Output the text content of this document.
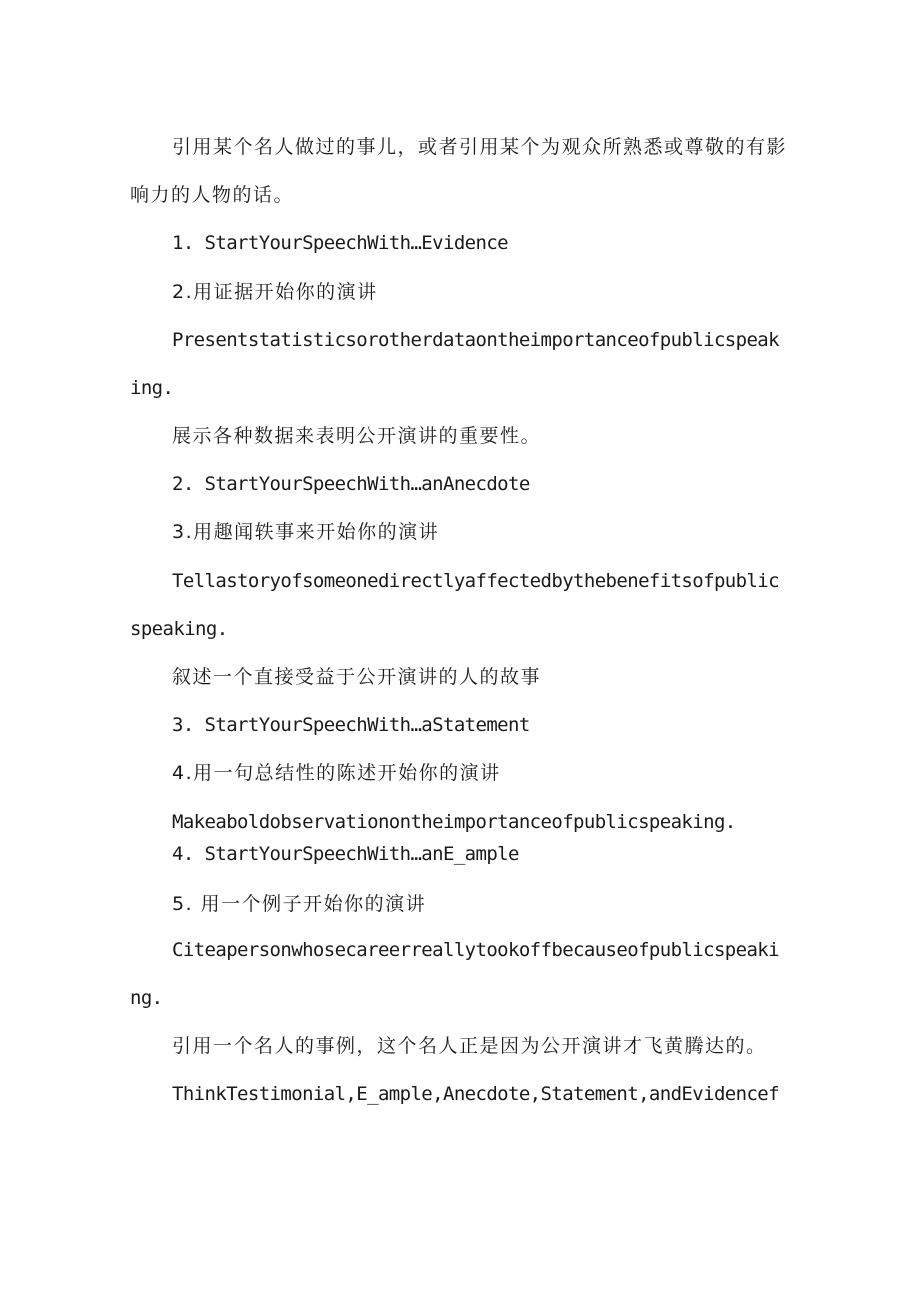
引用某个名人做过的事儿，或者引用某个为观众所熟悉或尊敬的有影
响力的人物的话。
1. StartYourSpeechWith…Evidence
2.用证据开始你的演讲
Presentstatisticsorotherdataontheimportanceofpublicspeak
ing.
展示各种数据来表明公开演讲的重要性。
2. StartYourSpeechWith…anAnecdote
3.用趣闻轶事来开始你的演讲
Tellastoryofsomeonedirectlyaffectedbythebenefitsofpublic
speaking.
叙述一个直接受益于公开演讲的人的故事
3. StartYourSpeechWith…aStatement
4.用一句总结性的陈述开始你的演讲
Makeaboldobservationontheimportanceofpublicspeaking.
4. StartYourSpeechWith…anE_ample
5. 用一个例子开始你的演讲
Citeapersonwhosecareerreallytookoffbecauseofpublicspeaki
ng.
引用一个名人的事例，这个名人正是因为公开演讲才飞黄腾达的。
ThinkTestimonial,E_ample,Anecdote,Statement,andEvidencef
